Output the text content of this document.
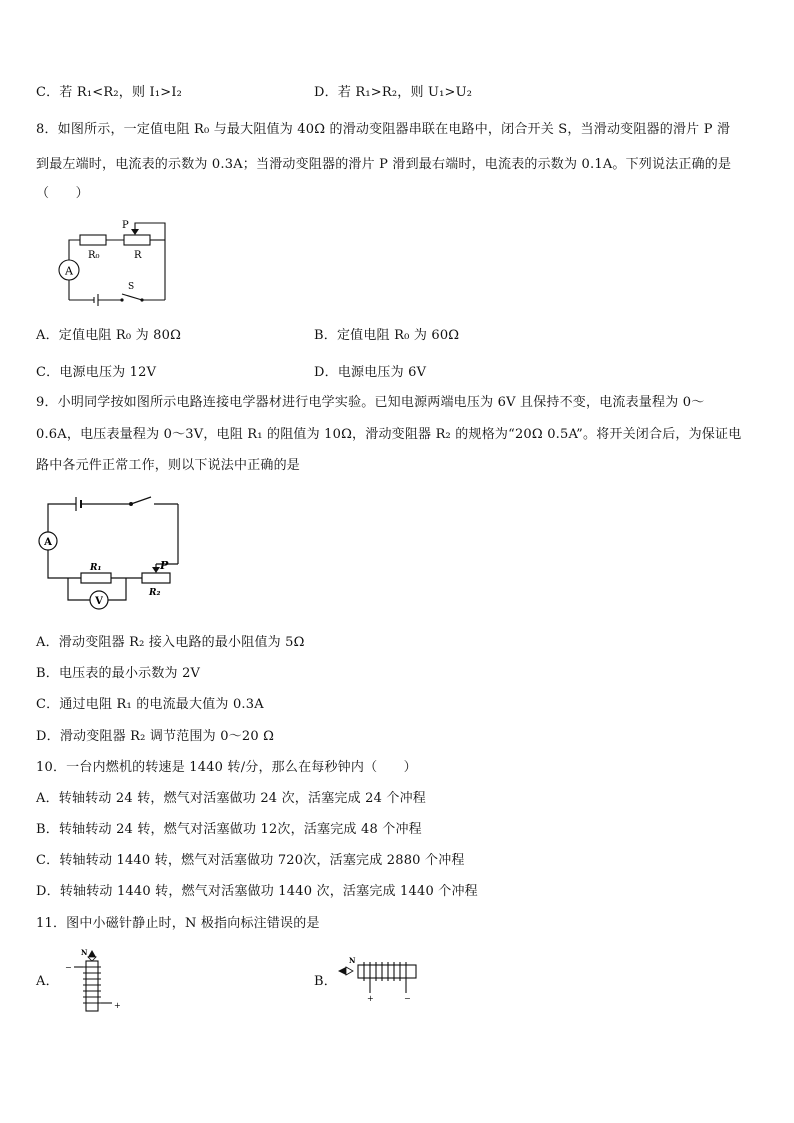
C．若 R₁<R₂，则 I₁>I₂	D．若 R₁>R₂，则 U₁>U₂
8．如图所示，一定值电阻 R₀ 与最大阻值为 40Ω 的滑动变阻器串联在电路中，闭合开关 S，当滑动变阻器的滑片 P 滑
到最左端时，电流表的示数为 0.3A；当滑动变阻器的滑片 P 滑到最右端时，电流表的示数为 0.1A。下列说法正确的是
（　　）
A
P
R₀	R
S
A．定值电阻 R₀ 为 80Ω	B．定值电阻 R₀ 为 60Ω
C．电源电压为 12V	D．电源电压为 6V
9．小明同学按如图所示电路连接电学器材进行电学实验。已知电源两端电压为 6V 且保持不变，电流表量程为 0～
0.6A，电压表量程为 0～3V，电阻 R₁ 的阻值为 10Ω，滑动变阻器 R₂ 的规格为“20Ω 0.5A”。将开关闭合后，为保证电
路中各元件正常工作，则以下说法中正确的是
A
V
R₁
R₂
P
A．滑动变阻器 R₂ 接入电路的最小阻值为 5Ω
B．电压表的最小示数为 2V
C．通过电阻 R₁ 的电流最大值为 0.3A
D．滑动变阻器 R₂ 调节范围为 0～20 Ω
10．一台内燃机的转速是 1440 转/分，那么在每秒钟内（　　）
A．转轴转动 24 转，燃气对活塞做功 24 次，活塞完成 24 个冲程
B．转轴转动 24 转，燃气对活塞做功 12次，活塞完成 48 个冲程
C．转轴转动 1440 转，燃气对活塞做功 720次，活塞完成 2880 个冲程
D．转轴转动 1440 转，燃气对活塞做功 1440 次，活塞完成 1440 个冲程
11．图中小磁针静止时，N 极指向标注错误的是
A．
N
−
+
B．
N
+	−
